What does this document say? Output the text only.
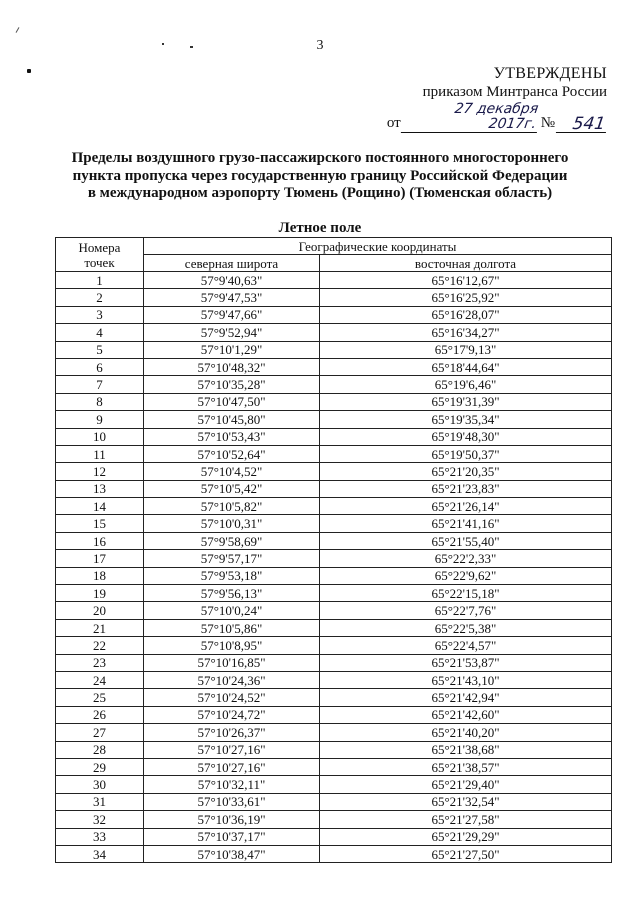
3
УТВЕРЖДЕНЫ
приказом Минтранса России
от
27 декабря 2017г. № 541
Пределы воздушного грузо-пассажирского постоянного многостороннего
пункта пропуска через государственную границу Российской Федерации
в международном аэропорту Тюмень (Рощино) (Тюменская область)
Летное поле
Номера
точек	Географические координаты	
	северная широта	восточная долгота
1	57°9'40,63"	65°16'12,67"
2	57°9'47,53"	65°16'25,92"
3	57°9'47,66"	65°16'28,07"
4	57°9'52,94"	65°16'34,27"
5	57°10'1,29"	65°17'9,13"
6	57°10'48,32"	65°18'44,64"
7	57°10'35,28"	65°19'6,46"
8	57°10'47,50"	65°19'31,39"
9	57°10'45,80"	65°19'35,34"
10	57°10'53,43"	65°19'48,30"
11	57°10'52,64"	65°19'50,37"
12	57°10'4,52"	65°21'20,35"
13	57°10'5,42"	65°21'23,83"
14	57°10'5,82"	65°21'26,14"
15	57°10'0,31"	65°21'41,16"
16	57°9'58,69"	65°21'55,40"
17	57°9'57,17"	65°22'2,33"
18	57°9'53,18"	65°22'9,62"
19	57°9'56,13"	65°22'15,18"
20	57°10'0,24"	65°22'7,76"
21	57°10'5,86"	65°22'5,38"
22	57°10'8,95"	65°22'4,57"
23	57°10'16,85"	65°21'53,87"
24	57°10'24,36"	65°21'43,10"
25	57°10'24,52"	65°21'42,94"
26	57°10'24,72"	65°21'42,60"
27	57°10'26,37"	65°21'40,20"
28	57°10'27,16"	65°21'38,68"
29	57°10'27,16"	65°21'38,57"
30	57°10'32,11"	65°21'29,40"
31	57°10'33,61"	65°21'32,54"
32	57°10'36,19"	65°21'27,58"
33	57°10'37,17"	65°21'29,29"
34	57°10'38,47"	65°21'27,50"
